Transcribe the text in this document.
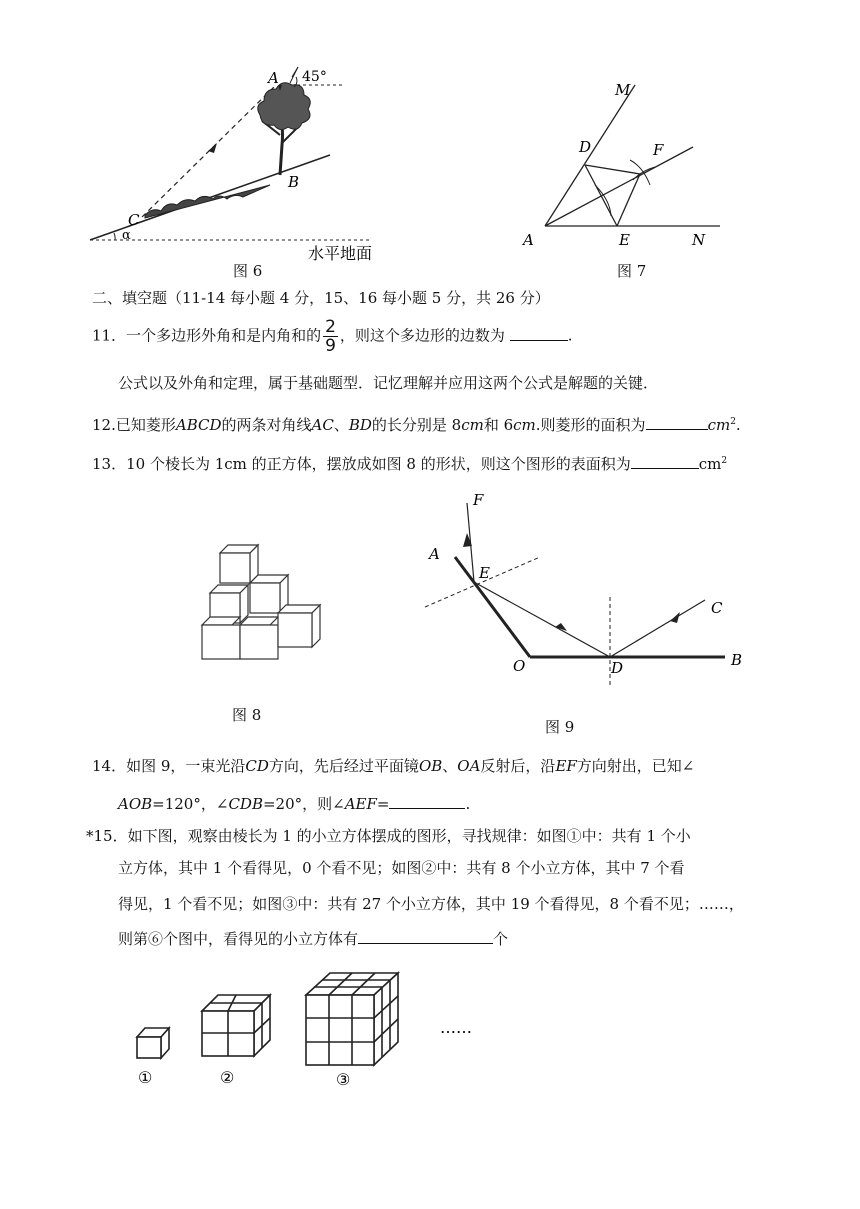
A 45°
B
C
α
水平地面
图 6
M
D	F
A	E	N
图 7
二、填空题（11-14 每小题 4 分，15、16 每小题 5 分，共 26 分）
11．一个多边形外角和是内角和的 $\frac{2}{9}$ ，则这个多边形的边数为	.
公式以及外角和定理，属于基础题型．记忆理解并应用这两个公式是解题的关键．
12.已知菱形ABCD的两条对角线AC、BD的长分别是 8cm和 6cm.则菱形的面积为	$cm^2$.
13．10 个棱长为 1cm 的正方体，摆放成如图 8 的形状，则这个图形的表面积为	$cm^2$
图 8
F
A
E
C
O	D	B
图 9
14．如图 9，一束光沿CD方向，先后经过平面镜OB、OA反射后，沿EF方向射出，已知∠
AOB=120°，∠CDB=20°，则∠AEF=	.
*15．如下图，观察由棱长为 1 的小立方体摆成的图形，寻找规律：如图①中：共有 1 个小
立方体，其中 1 个看得见，0 个看不见；如图②中：共有 8 个小立方体，其中 7 个看
得见，1 个看不见；如图③中：共有 27 个小立方体，其中 19 个看得见，8 个看不见；……，
则第⑥个图中，看得见的小立方体有	个
①	②	③
……
